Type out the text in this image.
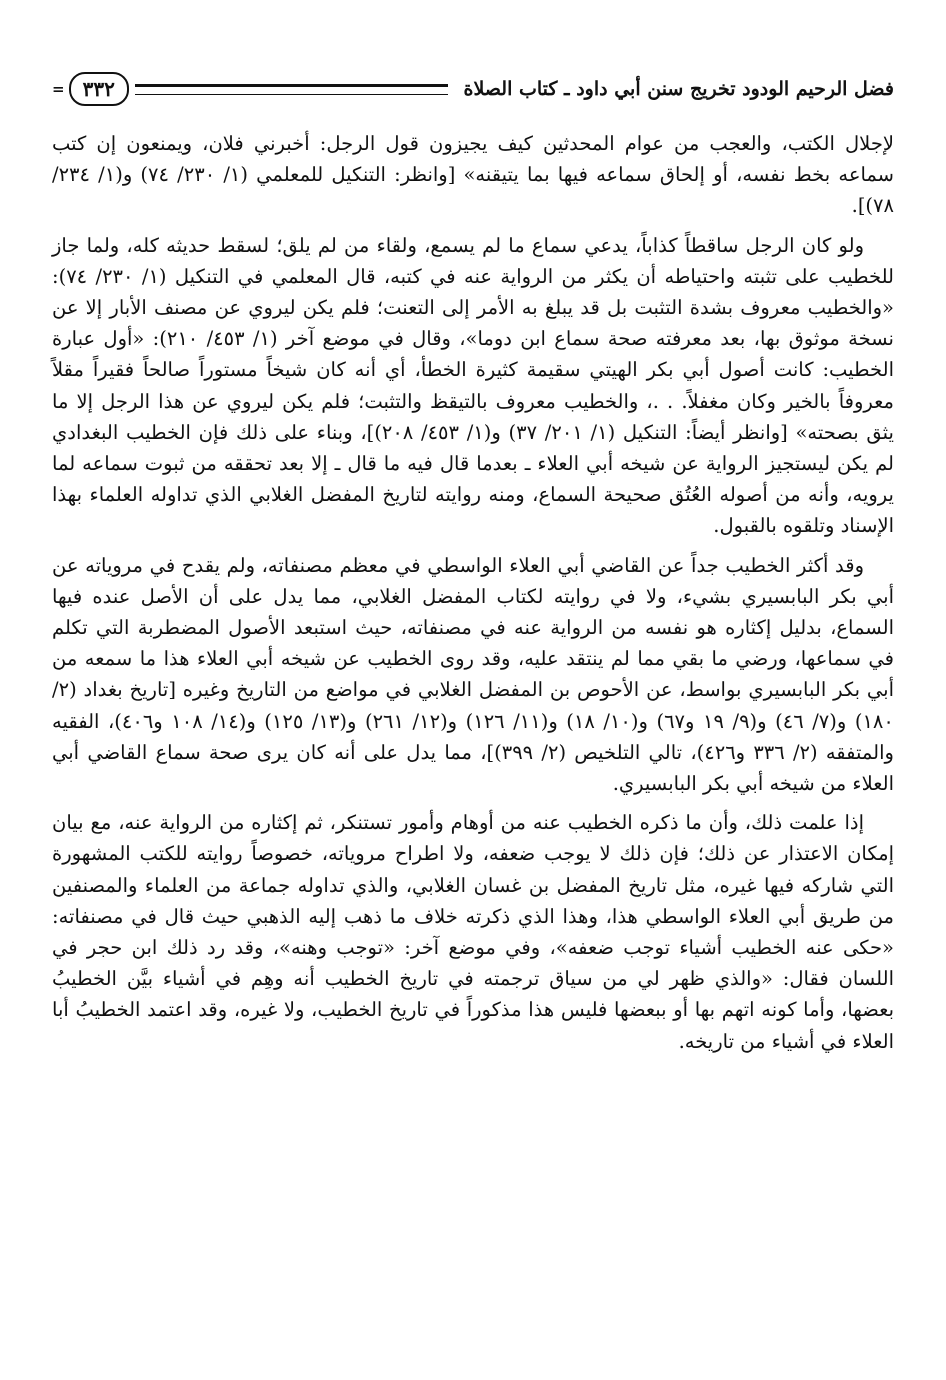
فضل الرحيم الودود تخريج سنن أبي داود ـ كتاب الصلاة
٣٣٢
=

لإجلال الكتب، والعجب من عوام المحدثين كيف يجيزون قول الرجل: أخبرني فلان، ويمنعون إن كتب سماعه بخط نفسه، أو إلحاق سماعه فيها بما يتيقنه» [وانظر: التنكيل للمعلمي (١/ ٢٣٠/ ٧٤) و(١/ ٢٣٤/ ٧٨)].

ولو كان الرجل ساقطاً كذاباً، يدعي سماع ما لم يسمع، ولقاء من لم يلق؛ لسقط حديثه كله، ولما جاز للخطيب على تثبته واحتياطه أن يكثر من الرواية عنه في كتبه، قال المعلمي في التنكيل (١/ ٢٣٠/ ٧٤): «والخطيب معروف بشدة التثبت بل قد يبلغ به الأمر إلى التعنت؛ فلم يكن ليروي عن مصنف الأبار إلا عن نسخة موثوق بها، بعد معرفته صحة سماع ابن دوما»، وقال في موضع آخر (١/ ٤٥٣/ ٢١٠): «أول عبارة الخطيب: كانت أصول أبي بكر الهيتي سقيمة كثيرة الخطأ، أي أنه كان شيخاً مستوراً صالحاً فقيراً مقلاً معروفاً بالخير وكان مغفلاً. . .، والخطيب معروف بالتيقظ والتثبت؛ فلم يكن ليروي عن هذا الرجل إلا ما يثق بصحته» [وانظر أيضاً: التنكيل (١/ ٢٠١/ ٣٧) و(١/ ٤٥٣/ ٢٠٨)]، وبناء على ذلك فإن الخطيب البغدادي لم يكن ليستجيز الرواية عن شيخه أبي العلاء ـ بعدما قال فيه ما قال ـ إلا بعد تحققه من ثبوت سماعه لما يرويه، وأنه من أصوله العُتُق صحيحة السماع، ومنه روايته لتاريخ المفضل الغلابي الذي تداوله العلماء بهذا الإسناد وتلقوه بالقبول.

وقد أكثر الخطيب جداً عن القاضي أبي العلاء الواسطي في معظم مصنفاته، ولم يقدح في مروياته عن أبي بكر البابسيري بشيء، ولا في روايته لكتاب المفضل الغلابي، مما يدل على أن الأصل عنده فيها السماع، بدليل إكثاره هو نفسه من الرواية عنه في مصنفاته، حيث استبعد الأصول المضطربة التي تكلم في سماعها، ورضي ما بقي مما لم ينتقد عليه، وقد روى الخطيب عن شيخه أبي العلاء هذا ما سمعه من أبي بكر البابسيري بواسط، عن الأحوص بن المفضل الغلابي في مواضع من التاريخ وغيره [تاريخ بغداد (٢/ ١٨٠) و(٧/ ٤٦) و(٩/ ١٩ و٦٧) و(١٠/ ١٨) و(١١/ ١٢٦) و(١٢/ ٢٦١) و(١٣/ ١٢٥) و(١٤/ ١٠٨ و٤٠٦)، الفقيه والمتفقه (٢/ ٣٣٦ و٤٢٦)، تالي التلخيص (٢/ ٣٩٩)]، مما يدل على أنه كان يرى صحة سماع القاضي أبي العلاء من شيخه أبي بكر البابسيري.

إذا علمت ذلك، وأن ما ذكره الخطيب عنه من أوهام وأمور تستنكر، ثم إكثاره من الرواية عنه، مع بيان إمكان الاعتذار عن ذلك؛ فإن ذلك لا يوجب ضعفه، ولا اطراح مروياته، خصوصاً روايته للكتب المشهورة التي شاركه فيها غيره، مثل تاريخ المفضل بن غسان الغلابي، والذي تداوله جماعة من العلماء والمصنفين من طريق أبي العلاء الواسطي هذا، وهذا الذي ذكرته خلاف ما ذهب إليه الذهبي حيث قال في مصنفاته: «حكى عنه الخطيب أشياء توجب ضعفه»، وفي موضع آخر: «توجب وهنه»، وقد رد ذلك ابن حجر في اللسان فقال: «والذي ظهر لي من سياق ترجمته في تاريخ الخطيب أنه وهِم في أشياء بيَّن الخطيبُ بعضها، وأما كونه اتهم بها أو ببعضها فليس هذا مذكوراً في تاريخ الخطيب، ولا غيره، وقد اعتمد الخطيبُ أبا العلاء في أشياء من تاريخه.
